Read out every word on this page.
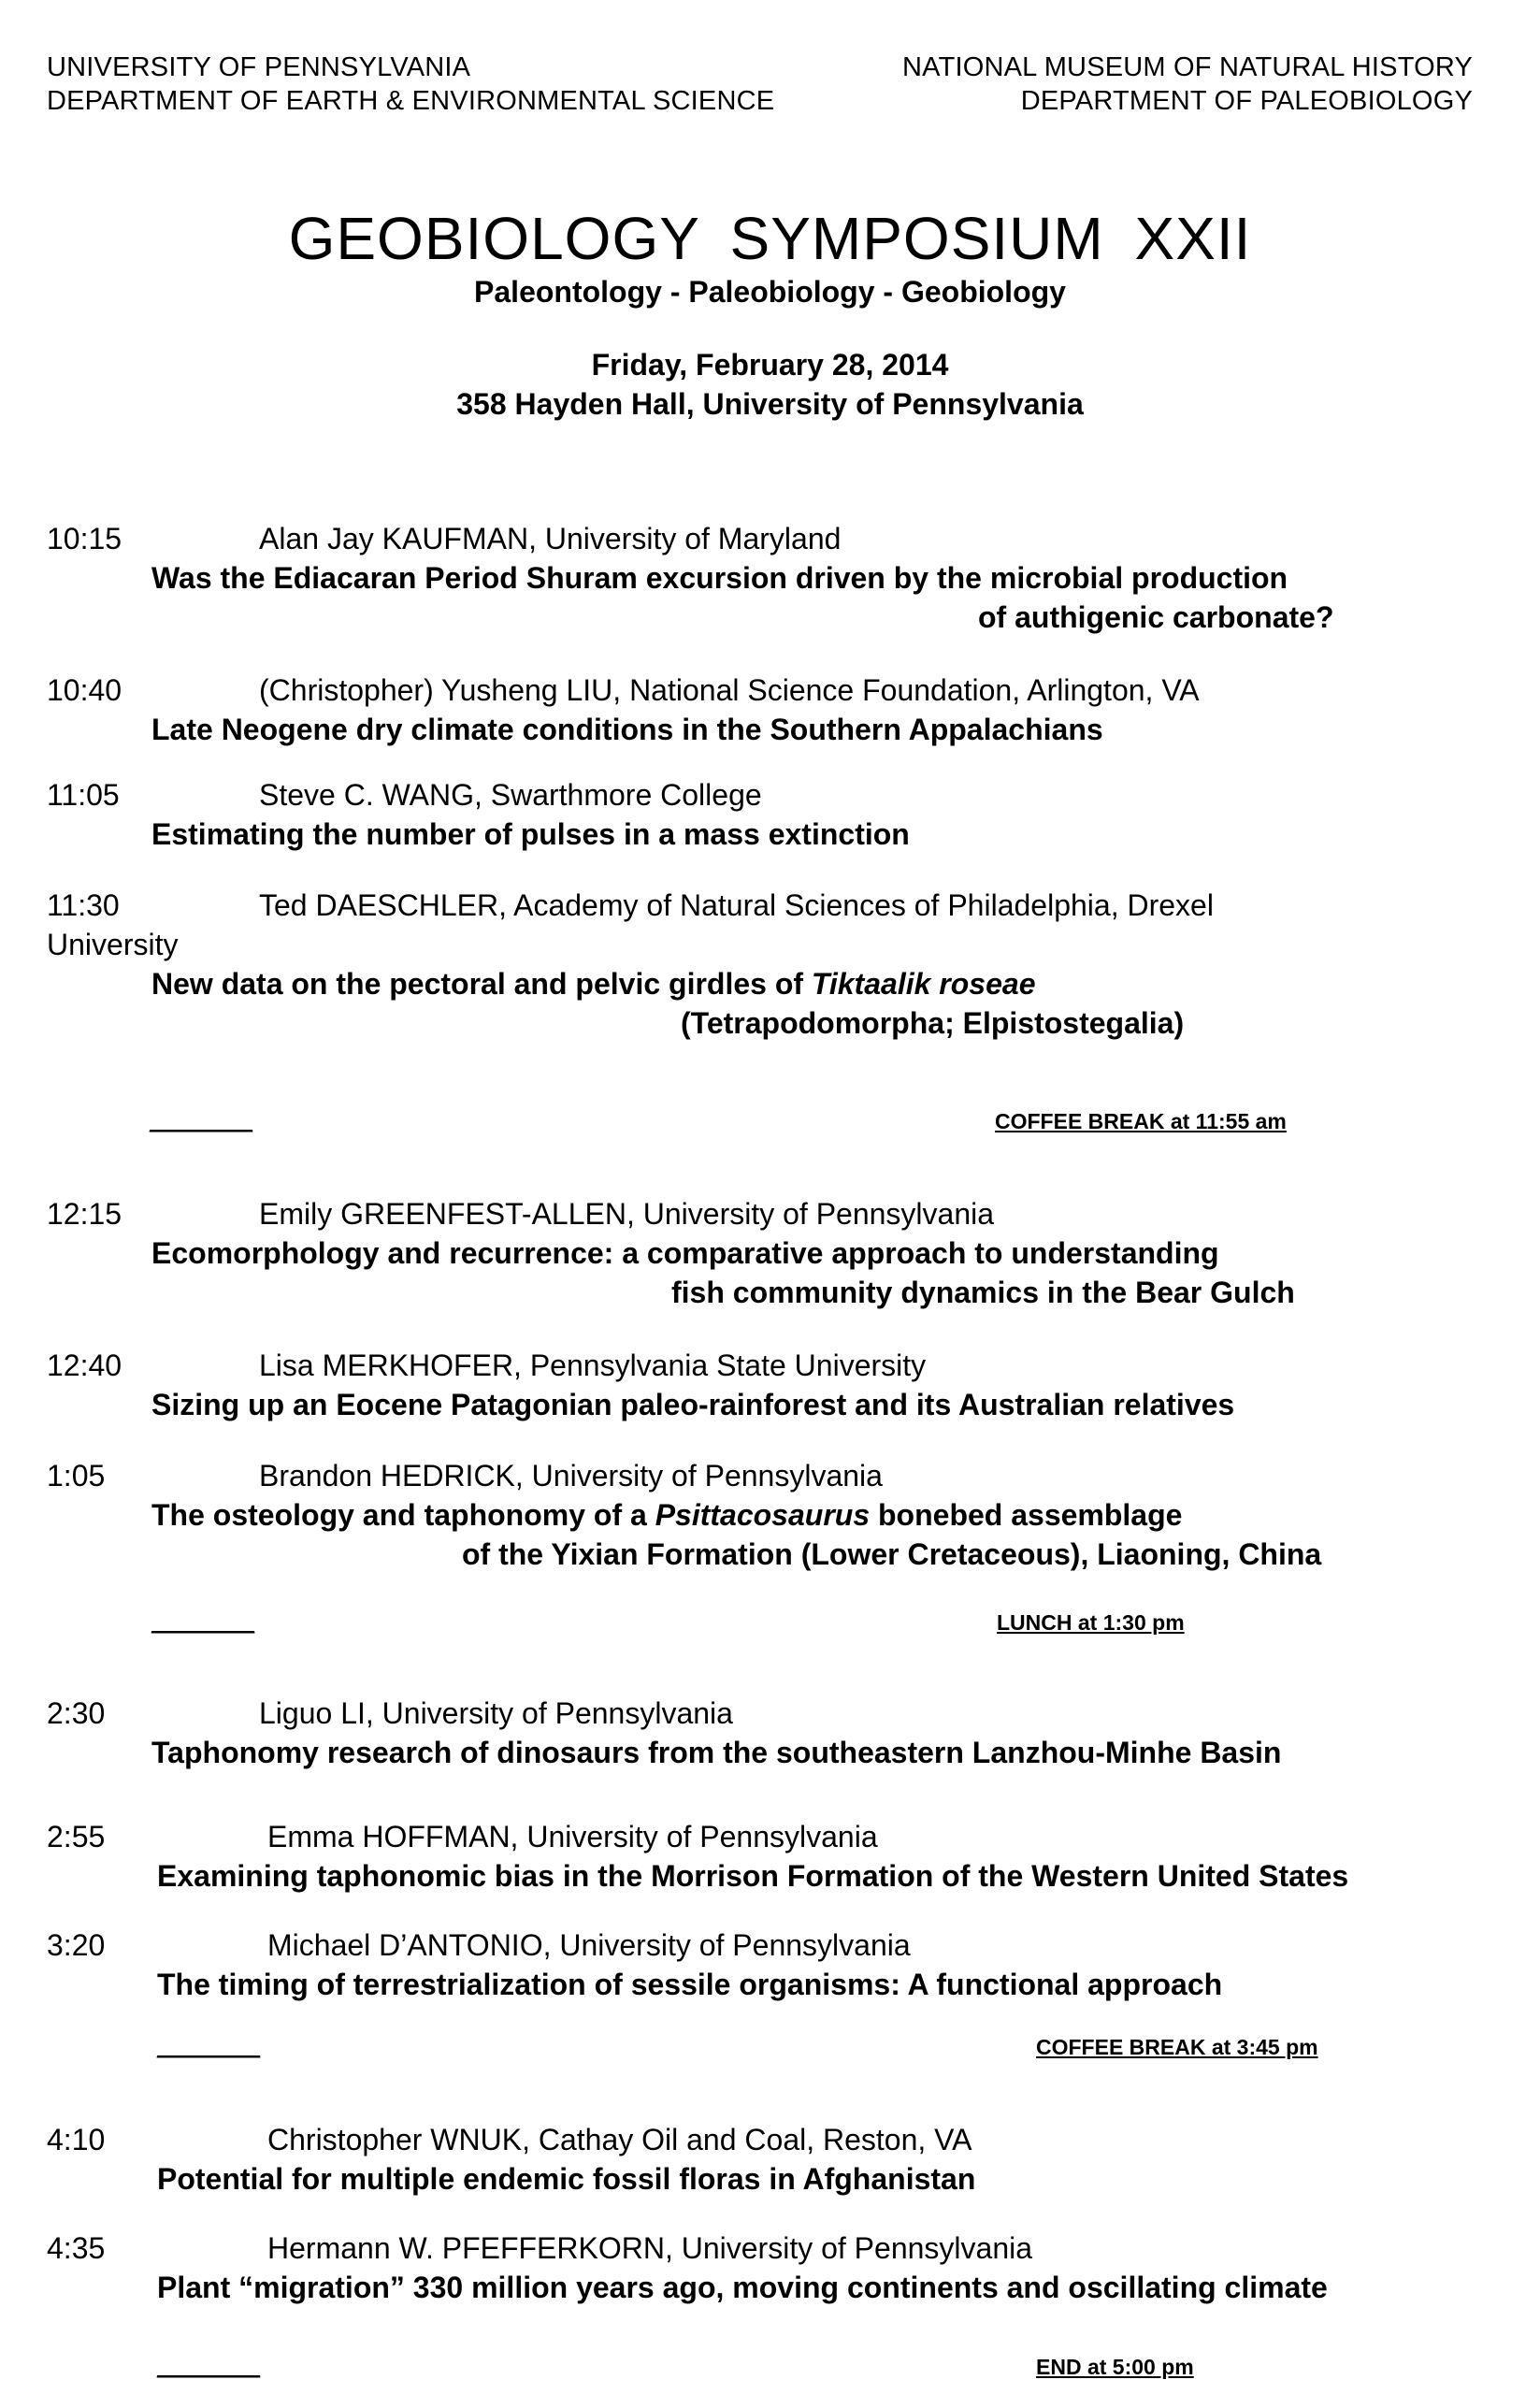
UNIVERSITY OF PENNSYLVANIA
DEPARTMENT OF EARTH & ENVIRONMENTAL SCIENCE
NATIONAL MUSEUM OF NATURAL HISTORY
DEPARTMENT OF PALEOBIOLOGY
GEOBIOLOGY SYMPOSIUM XXII
Paleontology - Paleobiology - Geobiology
Friday, February 28, 2014
358 Hayden Hall, University of Pennsylvania
10:15	Alan Jay KAUFMAN, University of Maryland
Was the Ediacaran Period Shuram excursion driven by the microbial production
of authigenic carbonate?
10:40	(Christopher) Yusheng LIU, National Science Foundation, Arlington, VA
Late Neogene dry climate conditions in the Southern Appalachians
11:05	Steve C. WANG, Swarthmore College
Estimating the number of pulses in a mass extinction
11:30	Ted DAESCHLER, Academy of Natural Sciences of Philadelphia, Drexel
University
New data on the pectoral and pelvic girdles of Tiktaalik roseae
(Tetrapodomorpha; Elpistostegalia)
_________	COFFEE BREAK at 11:55 am
12:15	Emily GREENFEST-ALLEN, University of Pennsylvania
Ecomorphology and recurrence: a comparative approach to understanding
fish community dynamics in the Bear Gulch
12:40	Lisa MERKHOFER, Pennsylvania State University
Sizing up an Eocene Patagonian paleo-rainforest and its Australian relatives
1:05	Brandon HEDRICK, University of Pennsylvania
The osteology and taphonomy of a Psittacosaurus bonebed assemblage
of the Yixian Formation (Lower Cretaceous), Liaoning, China
_________	LUNCH at 1:30 pm
2:30	Liguo LI, University of Pennsylvania
Taphonomy research of dinosaurs from the southeastern Lanzhou-Minhe Basin
2:55	Emma HOFFMAN, University of Pennsylvania
Examining taphonomic bias in the Morrison Formation of the Western United States
3:20	Michael D’ANTONIO, University of Pennsylvania
The timing of terrestrialization of sessile organisms: A functional approach
_________	COFFEE BREAK at 3:45 pm
4:10	Christopher WNUK, Cathay Oil and Coal, Reston, VA
Potential for multiple endemic fossil floras in Afghanistan
4:35	Hermann W. PFEFFERKORN, University of Pennsylvania
Plant “migration” 330 million years ago, moving continents and oscillating climate
_________	END at 5:00 pm
